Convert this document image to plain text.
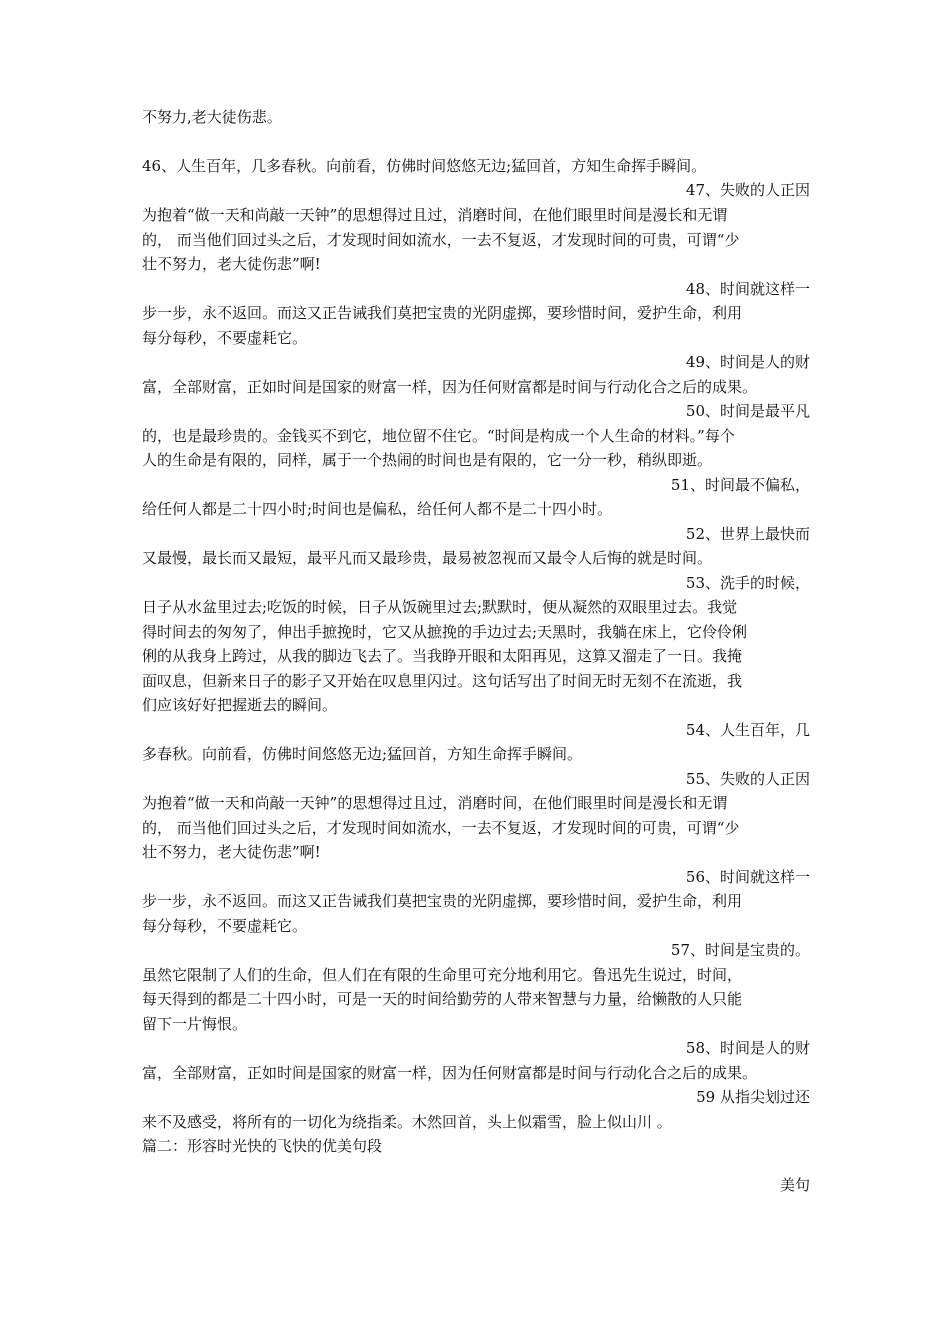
不努力,老大徒伤悲。
46、人生百年，几多春秋。向前看，仿佛时间悠悠无边;猛回首，方知生命挥手瞬间。
47、失败的人正因
为抱着“做一天和尚敲一天钟”的思想得过且过，消磨时间，在他们眼里时间是漫长和无谓
的， 而当他们回过头之后，才发现时间如流水，一去不复返，才发现时间的可贵，可谓“少
壮不努力，老大徒伤悲”啊!
48、时间就这样一
步一步，永不返回。而这又正告诫我们莫把宝贵的光阴虚掷，要珍惜时间，爱护生命，利用
每分每秒，不要虚耗它。
49、时间是人的财
富，全部财富，正如时间是国家的财富一样，因为任何财富都是时间与行动化合之后的成果。
50、时间是最平凡
的，也是最珍贵的。金钱买不到它，地位留不住它。“时间是构成一个人生命的材料。”每个
人的生命是有限的，同样，属于一个热闹的时间也是有限的，它一分一秒，稍纵即逝。
51、时间最不偏私，
给任何人都是二十四小时;时间也是偏私，给任何人都不是二十四小时。
52、世界上最快而
又最慢，最长而又最短，最平凡而又最珍贵，最易被忽视而又最令人后悔的就是时间。
53、洗手的时候，
日子从水盆里过去;吃饭的时候，日子从饭碗里过去;默默时，便从凝然的双眼里过去。我觉
得时间去的匆匆了，伸出手摭挽时，它又从摭挽的手边过去;天黑时，我躺在床上，它伶伶俐
俐的从我身上跨过，从我的脚边飞去了。当我睁开眼和太阳再见，这算又溜走了一日。我掩
面叹息，但新来日子的影子又开始在叹息里闪过。这句话写出了时间无时无刻不在流逝，我
们应该好好把握逝去的瞬间。
54、人生百年，几
多春秋。向前看，仿佛时间悠悠无边;猛回首，方知生命挥手瞬间。
55、失败的人正因
为抱着“做一天和尚敲一天钟”的思想得过且过，消磨时间，在他们眼里时间是漫长和无谓
的， 而当他们回过头之后，才发现时间如流水，一去不复返，才发现时间的可贵，可谓“少
壮不努力，老大徒伤悲”啊!
56、时间就这样一
步一步，永不返回。而这又正告诫我们莫把宝贵的光阴虚掷，要珍惜时间，爱护生命，利用
每分每秒，不要虚耗它。
57、时间是宝贵的。
虽然它限制了人们的生命，但人们在有限的生命里可充分地利用它。鲁迅先生说过，时间，
每天得到的都是二十四小时，可是一天的时间给勤劳的人带来智慧与力量，给懒散的人只能
留下一片悔恨。
58、时间是人的财
富，全部财富，正如时间是国家的财富一样，因为任何财富都是时间与行动化合之后的成果。
59 从指尖划过还
来不及感受，将所有的一切化为绕指柔。木然回首，头上似霜雪，脸上似山川 。
篇二：形容时光快的飞快的优美句段
美句
